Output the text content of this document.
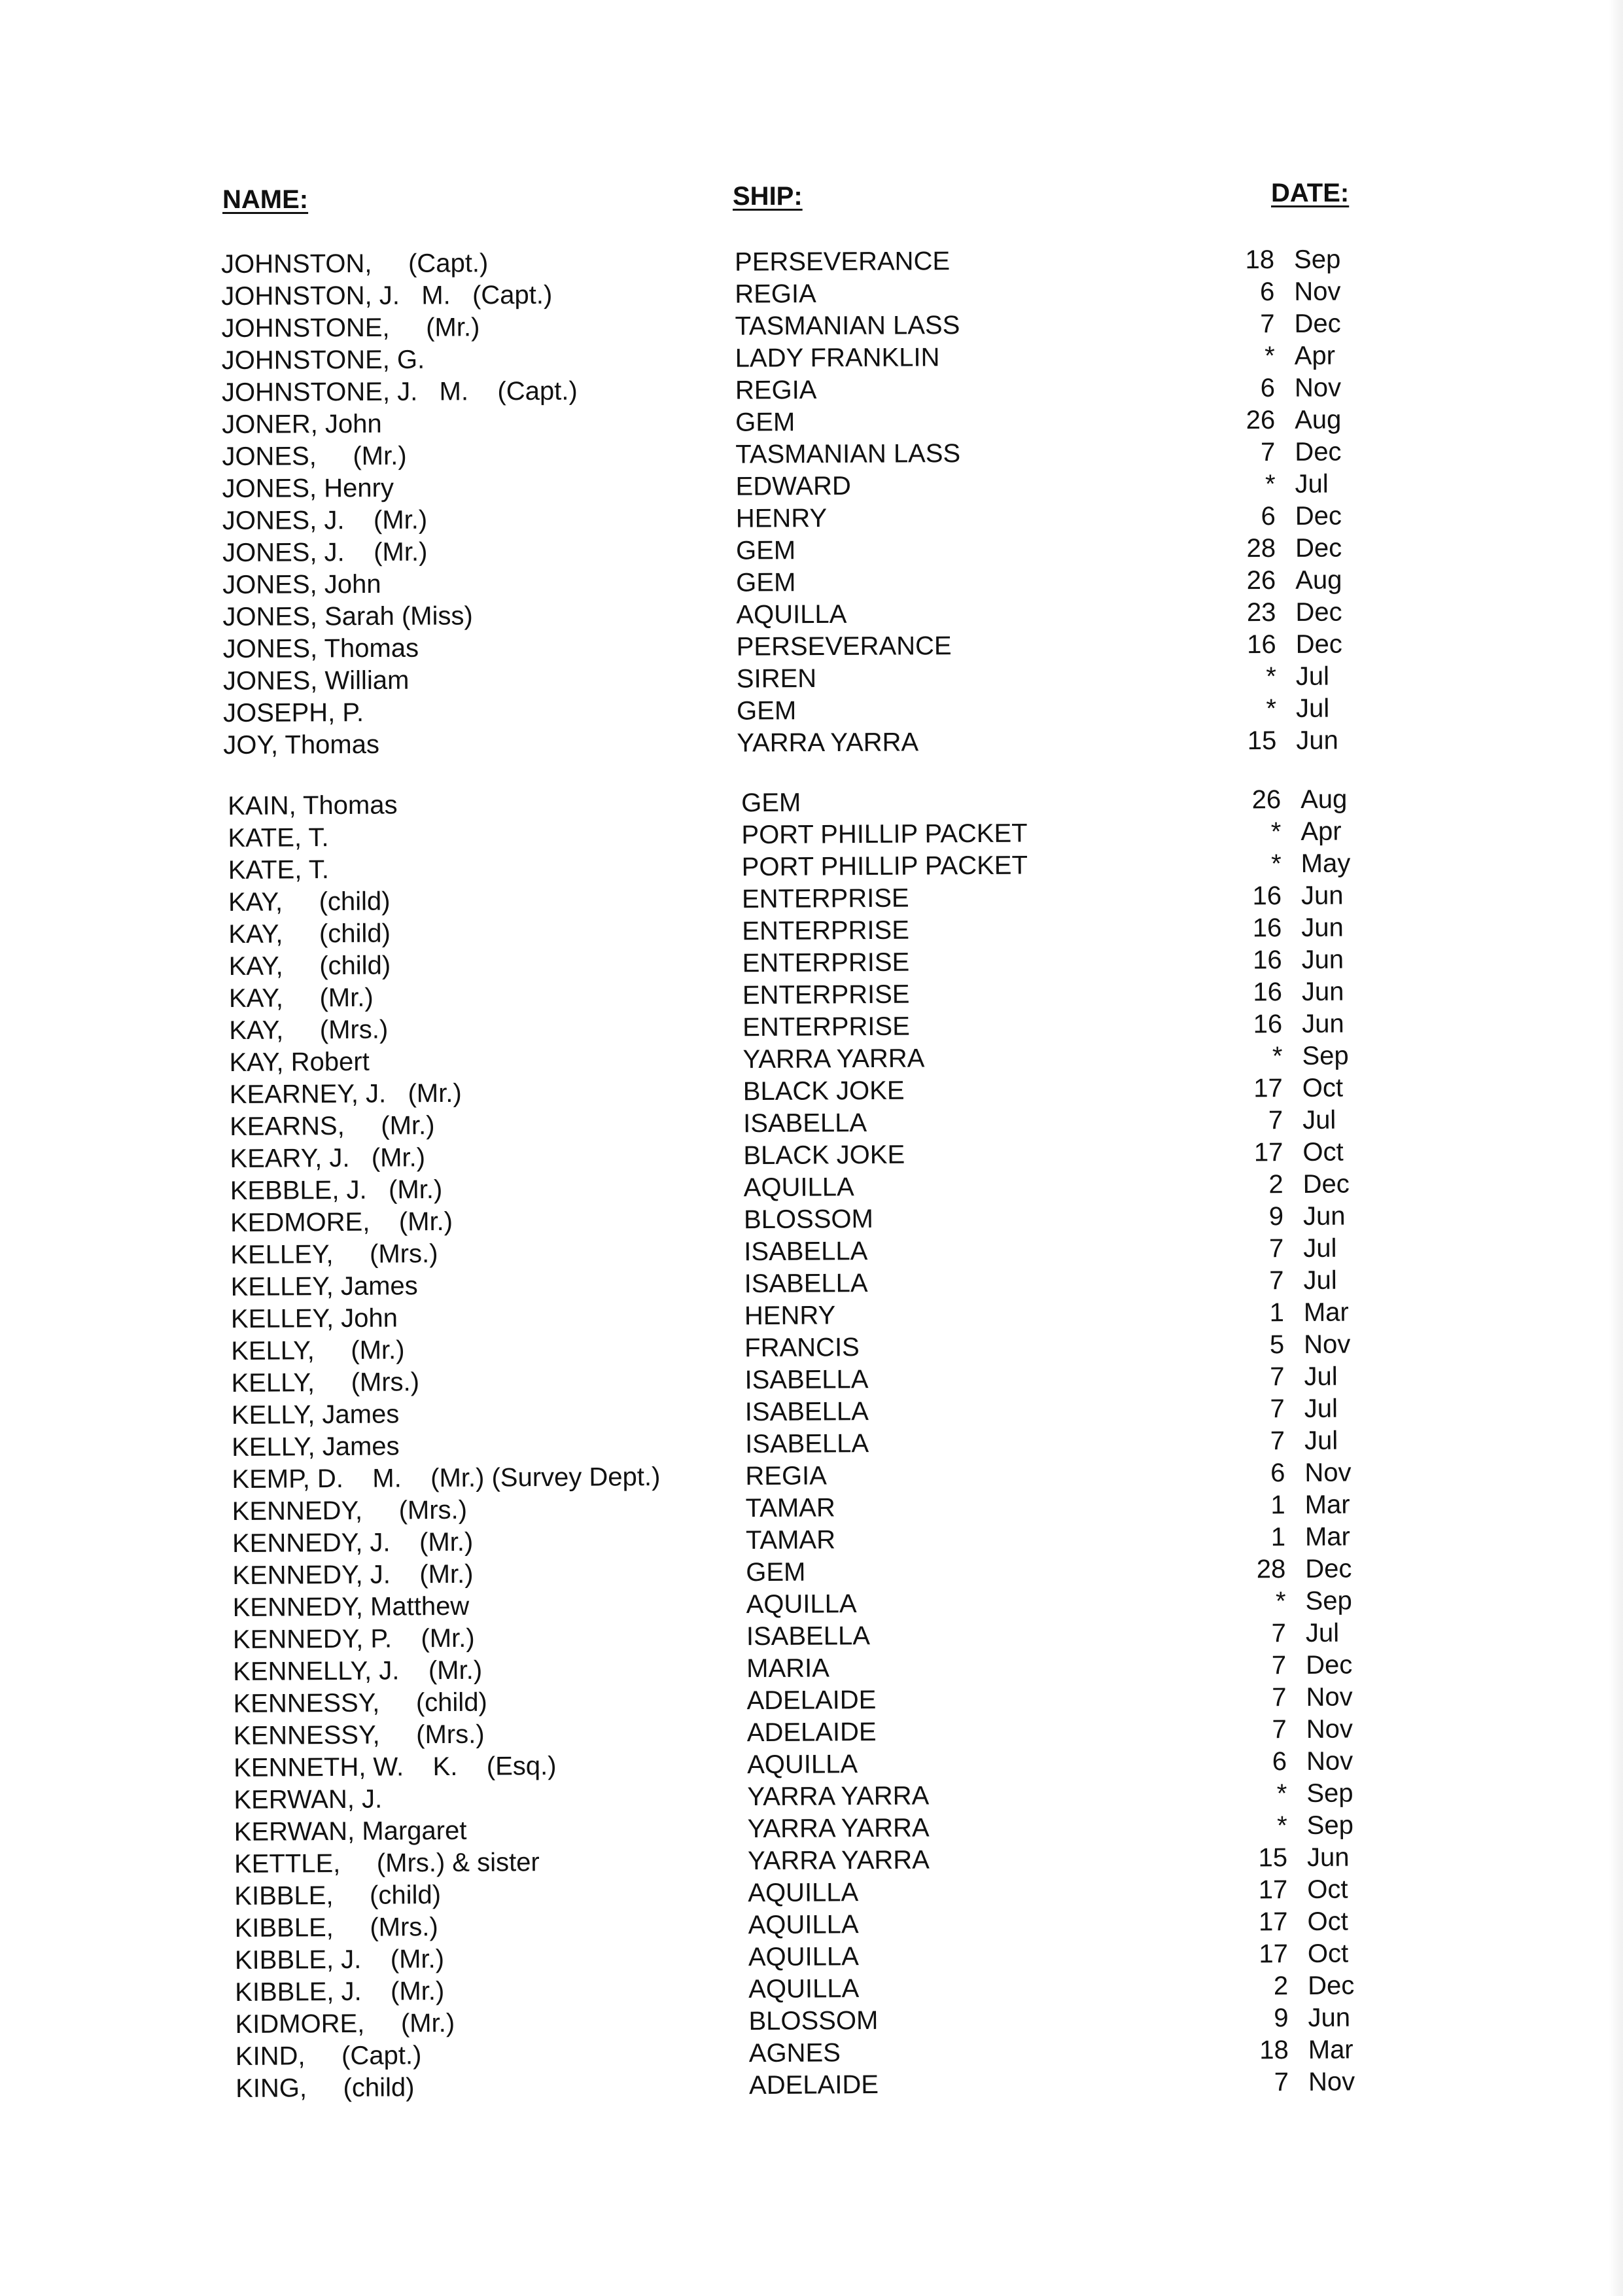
NAME:	SHIP:	DATE:
JOHNSTON,     (Capt.)	PERSEVERANCE	18 Sep
JOHNSTON, J.   M.   (Capt.)	REGIA	6 Nov
JOHNSTONE,     (Mr.)	TASMANIAN LASS	7 Dec
JOHNSTONE, G.	LADY FRANKLIN	* Apr
JOHNSTONE, J.   M.    (Capt.)	REGIA	6 Nov
JONER, John	GEM	26 Aug
JONES,     (Mr.)	TASMANIAN LASS	7 Dec
JONES, Henry	EDWARD	* Jul
JONES, J.    (Mr.)	HENRY	6 Dec
JONES, J.    (Mr.)	GEM	28 Dec
JONES, John	GEM	26 Aug
JONES, Sarah (Miss)	AQUILLA	23 Dec
JONES, Thomas	PERSEVERANCE	16 Dec
JONES, William	SIREN	* Jul
JOSEPH, P.	GEM	* Jul
JOY, Thomas	YARRA YARRA	15 Jun
KAIN, Thomas	GEM	26 Aug
KATE, T.	PORT PHILLIP PACKET	* Apr
KATE, T.	PORT PHILLIP PACKET	* May
KAY,     (child)	ENTERPRISE	16 Jun
KAY,     (child)	ENTERPRISE	16 Jun
KAY,     (child)	ENTERPRISE	16 Jun
KAY,     (Mr.)	ENTERPRISE	16 Jun
KAY,     (Mrs.)	ENTERPRISE	16 Jun
KAY, Robert	YARRA YARRA	* Sep
KEARNEY, J.   (Mr.)	BLACK JOKE	17 Oct
KEARNS,     (Mr.)	ISABELLA	7 Jul
KEARY, J.   (Mr.)	BLACK JOKE	17 Oct
KEBBLE, J.   (Mr.)	AQUILLA	2 Dec
KEDMORE,    (Mr.)	BLOSSOM	9 Jun
KELLEY,     (Mrs.)	ISABELLA	7 Jul
KELLEY, James	ISABELLA	7 Jul
KELLEY, John	HENRY	1 Mar
KELLY,     (Mr.)	FRANCIS	5 Nov
KELLY,     (Mrs.)	ISABELLA	7 Jul
KELLY, James	ISABELLA	7 Jul
KELLY, James	ISABELLA	7 Jul
KEMP, D.    M.    (Mr.) (Survey Dept.)	REGIA	6 Nov
KENNEDY,     (Mrs.)	TAMAR	1 Mar
KENNEDY, J.    (Mr.)	TAMAR	1 Mar
KENNEDY, J.    (Mr.)	GEM	28 Dec
KENNEDY, Matthew	AQUILLA	* Sep
KENNEDY, P.    (Mr.)	ISABELLA	7 Jul
KENNELLY, J.    (Mr.)	MARIA	7 Dec
KENNESSY,     (child)	ADELAIDE	7 Nov
KENNESSY,     (Mrs.)	ADELAIDE	7 Nov
KENNETH, W.    K.    (Esq.)	AQUILLA	6 Nov
KERWAN, J.	YARRA YARRA	* Sep
KERWAN, Margaret	YARRA YARRA	* Sep
KETTLE,     (Mrs.) & sister	YARRA YARRA	15 Jun
KIBBLE,     (child)	AQUILLA	17 Oct
KIBBLE,     (Mrs.)	AQUILLA	17 Oct
KIBBLE, J.    (Mr.)	AQUILLA	17 Oct
KIBBLE, J.    (Mr.)	AQUILLA	2 Dec
KIDMORE,     (Mr.)	BLOSSOM	9 Jun
KIND,     (Capt.)	AGNES	18 Mar
KING,     (child)	ADELAIDE	7 Nov
